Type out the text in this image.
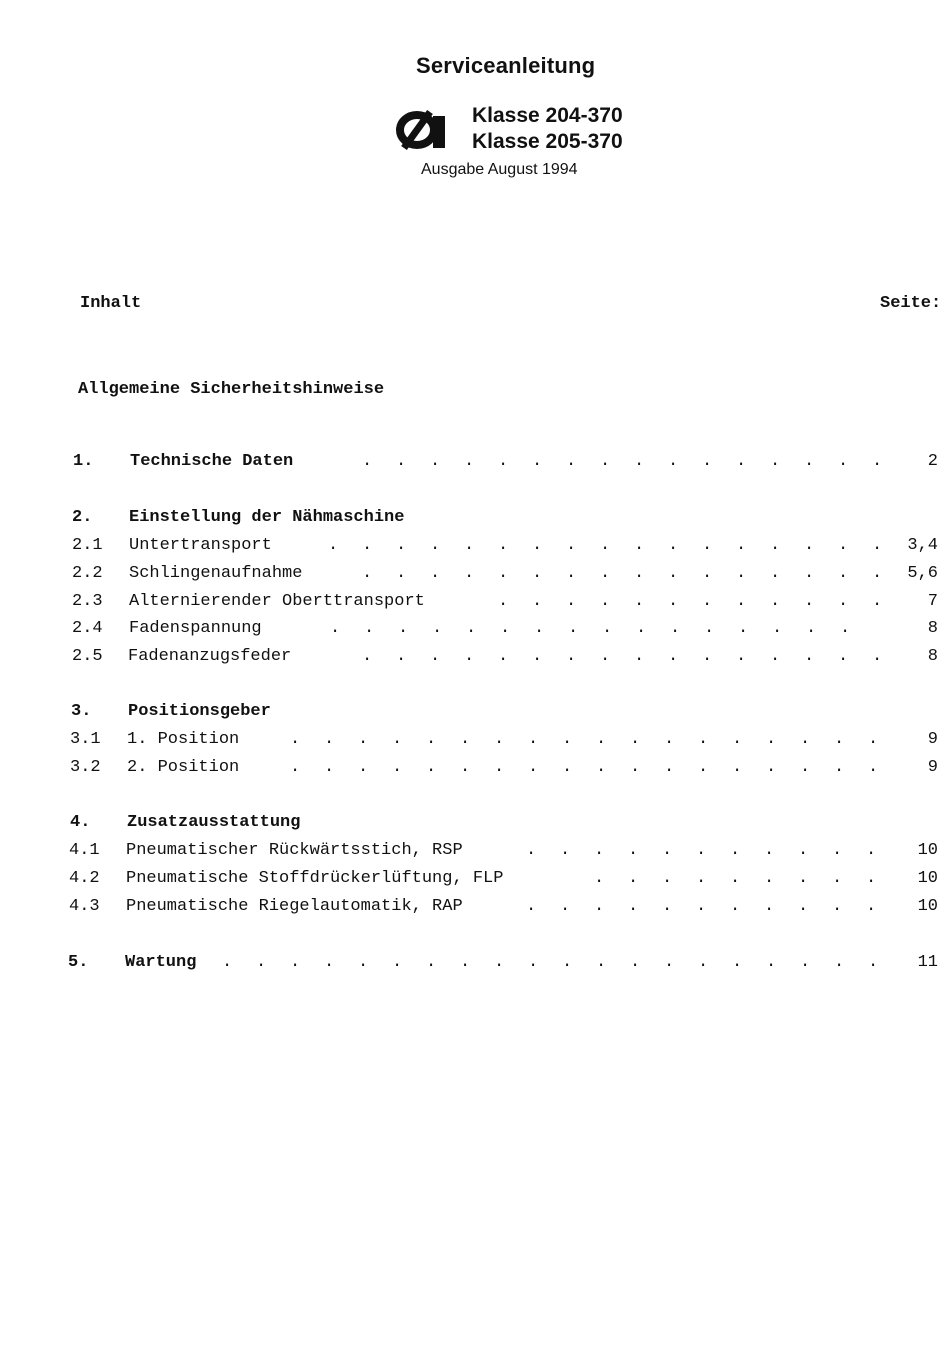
Serviceanleitung
Klasse 204-370
Klasse 205-370
Ausgabe August 1994
Inhalt	Seite:
Allgemeine Sicherheitshinweise
1. Technische Daten	................ 2
2. Einstellung der Nähmaschine
2.1 Untertransport	................. 3,4
2.2 Schlingenaufnahme	................ 5,6
2.3 Alternierender Oberttransport	............ 7
2.4 Fadenspannung	................	8
2.5 Fadenanzugsfeder	................ 8
3. Positionsgeber
3.1 1. Position	.................. 9
3.2 2. Position	.................. 9
4. Zusatzausstattung
4.1 Pneumatischer Rückwärtsstich, RSP	........... 10
4.2 Pneumatische Stoffdrückerlüftung, FLP	......... 10
4.3 Pneumatische Riegelautomatik, RAP	........... 10
5. Wartung .................... 11
